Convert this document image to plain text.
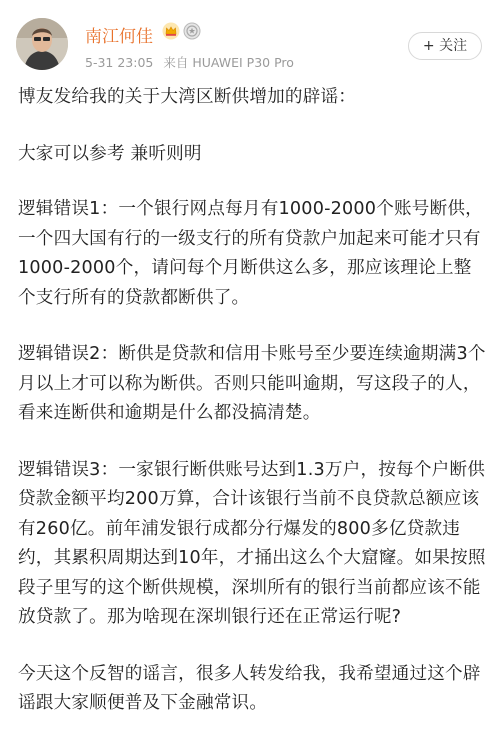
南江何佳
5-31 23:05 来自 HUAWEI P30 Pro
+ 关注

博友发给我的关于大湾区断供增加的辟谣：

大家可以参考 兼听则明

逻辑错误1：一个银行网点每月有1000-2000个账号断供，一个四大国有行的一级支行的所有贷款户加起来可能才只有1000-2000个，请问每个月断供这么多，那应该理论上整个支行所有的贷款都断供了。

逻辑错误2：断供是贷款和信用卡账号至少要连续逾期满3个月以上才可以称为断供。否则只能叫逾期，写这段子的人，看来连断供和逾期是什么都没搞清楚。

逻辑错误3：一家银行断供账号达到1.3万户，按每个户断供贷款金额平均200万算，合计该银行当前不良贷款总额应该有260亿。前年浦发银行成都分行爆发的800多亿贷款违约，其累积周期达到10年，才捅出这么个大窟窿。如果按照段子里写的这个断供规模，深圳所有的银行当前都应该不能放贷款了。那为啥现在深圳银行还在正常运行呢?

今天这个反智的谣言，很多人转发给我，我希望通过这个辟谣跟大家顺便普及下金融常识。
